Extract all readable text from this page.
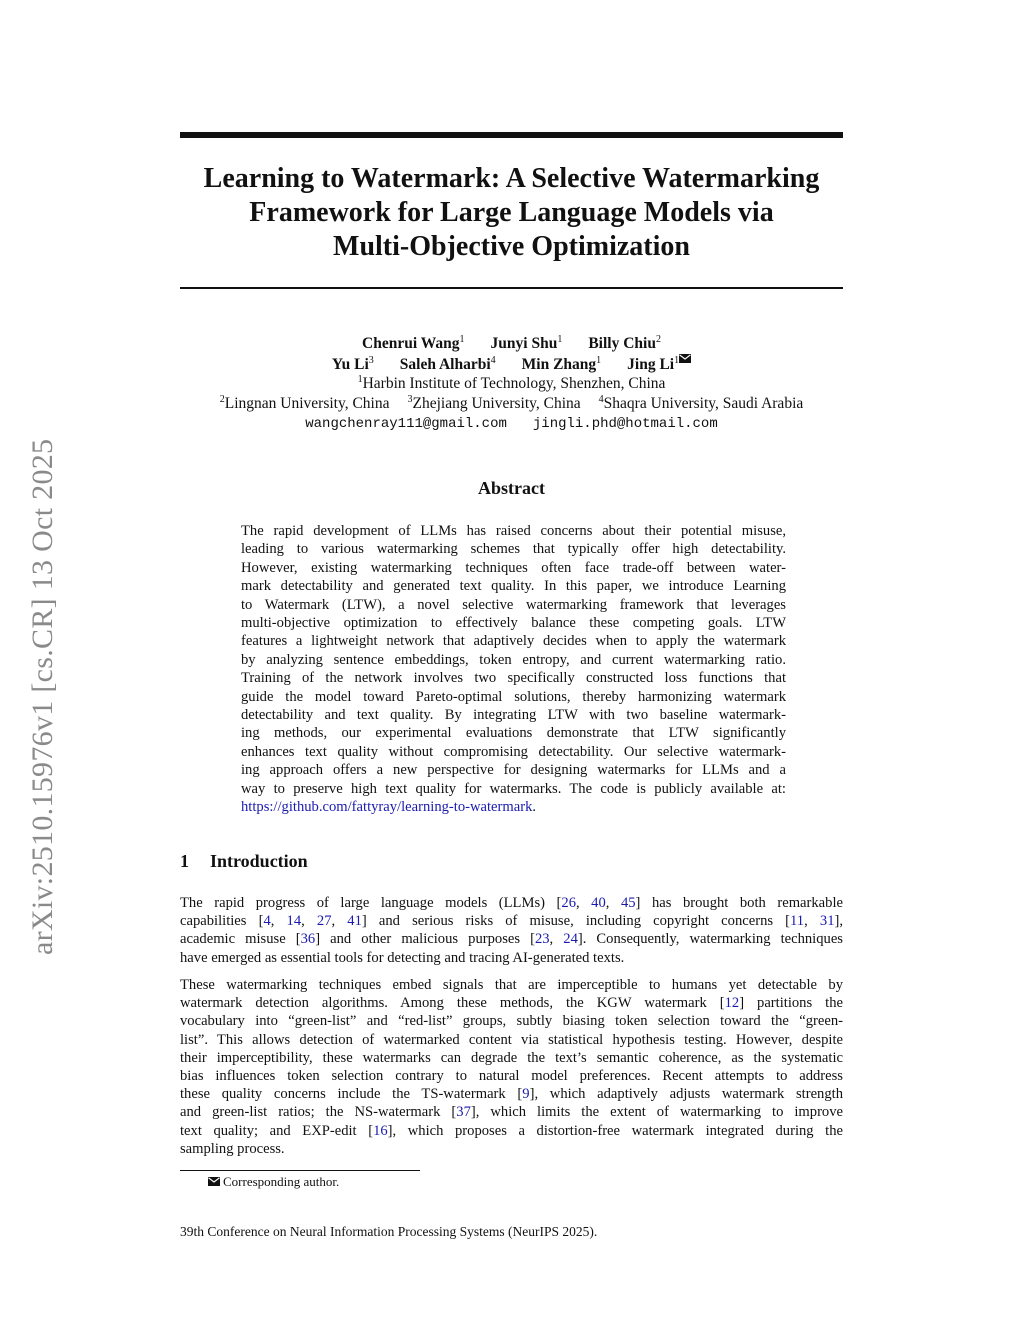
arXiv:2510.15976v1 [cs.CR] 13 Oct 2025
Learning to Watermark: A Selective Watermarking
Framework for Large Language Models via
Multi-Objective Optimization
Chenrui Wang$^1$ Junyi Shu$^1$ Billy Chiu$^2$
Yu Li$^3$ Saleh Alharbi$^4$ Min Zhang$^1$ Jing Li$^1$
$^1$Harbin Institute of Technology, Shenzhen, China
$^2$Lingnan University, China $^3$Zhejiang University, China $^4$Shaqra University, Saudi Arabia
wangchenray111@gmail.com jingli.phd@hotmail.com
Abstract
The rapid development of LLMs has raised concerns about their potential misuse,
leading to various watermarking schemes that typically offer high detectability.
However, existing watermarking techniques often face trade-off between water-
mark detectability and generated text quality. In this paper, we introduce Learning
to Watermark (LTW), a novel selective watermarking framework that leverages
multi-objective optimization to effectively balance these competing goals. LTW
features a lightweight network that adaptively decides when to apply the watermark
by analyzing sentence embeddings, token entropy, and current watermarking ratio.
Training of the network involves two specifically constructed loss functions that
guide the model toward Pareto-optimal solutions, thereby harmonizing watermark
detectability and text quality. By integrating LTW with two baseline watermark-
ing methods, our experimental evaluations demonstrate that LTW significantly
enhances text quality without compromising detectability. Our selective watermark-
ing approach offers a new perspective for designing watermarks for LLMs and a
way to preserve high text quality for watermarks. The code is publicly available at:
https://github.com/fattyray/learning-to-watermark.
1 Introduction
The rapid progress of large language models (LLMs) [26, 40, 45] has brought both remarkable
capabilities [4, 14, 27, 41] and serious risks of misuse, including copyright concerns [11, 31],
academic misuse [36] and other malicious purposes [23, 24]. Consequently, watermarking techniques
have emerged as essential tools for detecting and tracing AI-generated texts.
These watermarking techniques embed signals that are imperceptible to humans yet detectable by
watermark detection algorithms. Among these methods, the KGW watermark [12] partitions the
vocabulary into “green-list” and “red-list” groups, subtly biasing token selection toward the “green-
list”. This allows detection of watermarked content via statistical hypothesis testing. However, despite
their imperceptibility, these watermarks can degrade the text’s semantic coherence, as the systematic
bias influences token selection contrary to natural model preferences. Recent attempts to address
these quality concerns include the TS-watermark [9], which adaptively adjusts watermark strength
and green-list ratios; the NS-watermark [37], which limits the extent of watermarking to improve
text quality; and EXP-edit [16], which proposes a distortion-free watermark integrated during the
sampling process.
Corresponding author.
39th Conference on Neural Information Processing Systems (NeurIPS 2025).
